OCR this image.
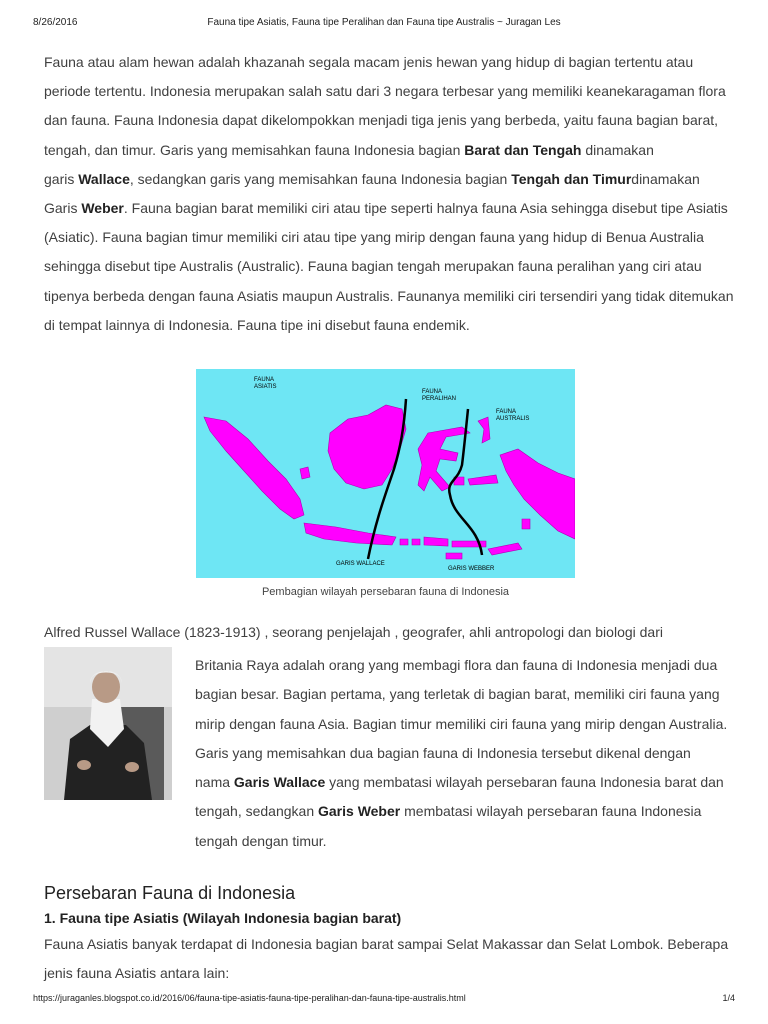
8/26/2016	Fauna tipe Asiatis, Fauna tipe Peralihan dan Fauna tipe Australis ~ Juragan Les

Fauna atau alam hewan adalah khazanah segala macam jenis hewan yang hidup di bagian tertentu atau
periode tertentu. Indonesia merupakan salah satu dari 3 negara terbesar yang memiliki keanekaragaman flora
dan fauna. Fauna Indonesia dapat dikelompokkan menjadi tiga jenis yang berbeda, yaitu fauna bagian barat,
tengah, dan timur. Garis yang memisahkan fauna Indonesia bagian Barat dan Tengah dinamakan
garis Wallace, sedangkan garis yang memisahkan fauna Indonesia bagian Tengah dan Timurdinamakan
Garis Weber. Fauna bagian barat memiliki ciri atau tipe seperti halnya fauna Asia sehingga disebut tipe Asiatis
(Asiatic). Fauna bagian timur memiliki ciri atau tipe yang mirip dengan fauna yang hidup di Benua Australia
sehingga disebut tipe Australis (Australic). Fauna bagian tengah merupakan fauna peralihan yang ciri atau
tipenya berbeda dengan fauna Asiatis maupun Australis. Faunanya memiliki ciri tersendiri yang tidak ditemukan
di tempat lainnya di Indonesia. Fauna tipe ini disebut fauna endemik.

FAUNA
ASIATIS
FAUNA
PERALIHAN
FAUNA
AUSTRALIS
GARIS WALLACE
GARIS WEBBER
Pembagian wilayah persebaran fauna di Indonesia
Alfred Russel Wallace (1823-1913) , seorang penjelajah , geografer, ahli antropologi dan biologi dari

Britania Raya adalah orang yang membagi flora dan fauna di Indonesia menjadi dua
bagian besar. Bagian pertama, yang terletak di bagian barat, memiliki ciri fauna yang
mirip dengan fauna Asia. Bagian timur memiliki ciri fauna yang mirip dengan Australia.
Garis yang memisahkan dua bagian fauna di Indonesia tersebut dikenal dengan
nama Garis Wallace yang membatasi wilayah persebaran fauna Indonesia barat dan
tengah, sedangkan Garis Weber membatasi wilayah persebaran fauna Indonesia
tengah dengan timur.

Persebaran Fauna di Indonesia
1. Fauna tipe Asiatis (Wilayah Indonesia bagian barat)

Fauna Asiatis banyak terdapat di Indonesia bagian barat sampai Selat Makassar dan Selat Lombok. Beberapa
jenis fauna Asiatis antara lain:

https://juraganles.blogspot.co.id/2016/06/fauna-tipe-asiatis-fauna-tipe-peralihan-dan-fauna-tipe-australis.html	1/4
